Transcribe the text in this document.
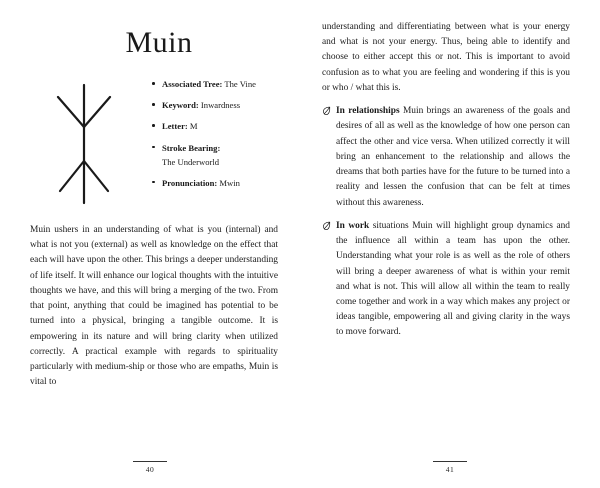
Muin
Associated Tree: The Vine
Keyword: Inwardness
Letter: M
Stroke Bearing:
The Underworld
Pronunciation: Mwin

Muin ushers in an understanding of what is you (internal) and what is not you (external) as well as knowledge on the effect that each will have upon the other. This brings a deeper understanding of life itself. It will enhance our logical thoughts with the intuitive thoughts we have, and this will bring a merging of the two. From that point, anything that could be imagined has potential to be turned into a physical, bringing a tangible outcome. It is empowering in its nature and will bring clarity when utilized correctly. A practical example with regards to spirituality particularly with medium-ship or those who are empaths, Muin is vital to

40

understanding and differentiating between what is your energy and what is not your energy. Thus, being able to identify and choose to either accept this or not. This is important to avoid confusion as to what you are feeling and wondering if this is you or who / what this is.

In relationships Muin brings an awareness of the goals and desires of all as well as the knowledge of how one person can affect the other and vice versa. When utilized correctly it will bring an enhancement to the relationship and allows the dreams that both parties have for the future to be turned into a reality and lessen the confusion that can be felt at times without this awareness.
In work situations Muin will highlight group dynamics and the influence all within a team has upon the other. Understanding what your role is as well as the role of others will bring a deeper awareness of what is within your remit and what is not. This will allow all within the team to really come together and work in a way which makes any project or ideas tangible, empowering all and giving clarity in the ways to move forward.
41
